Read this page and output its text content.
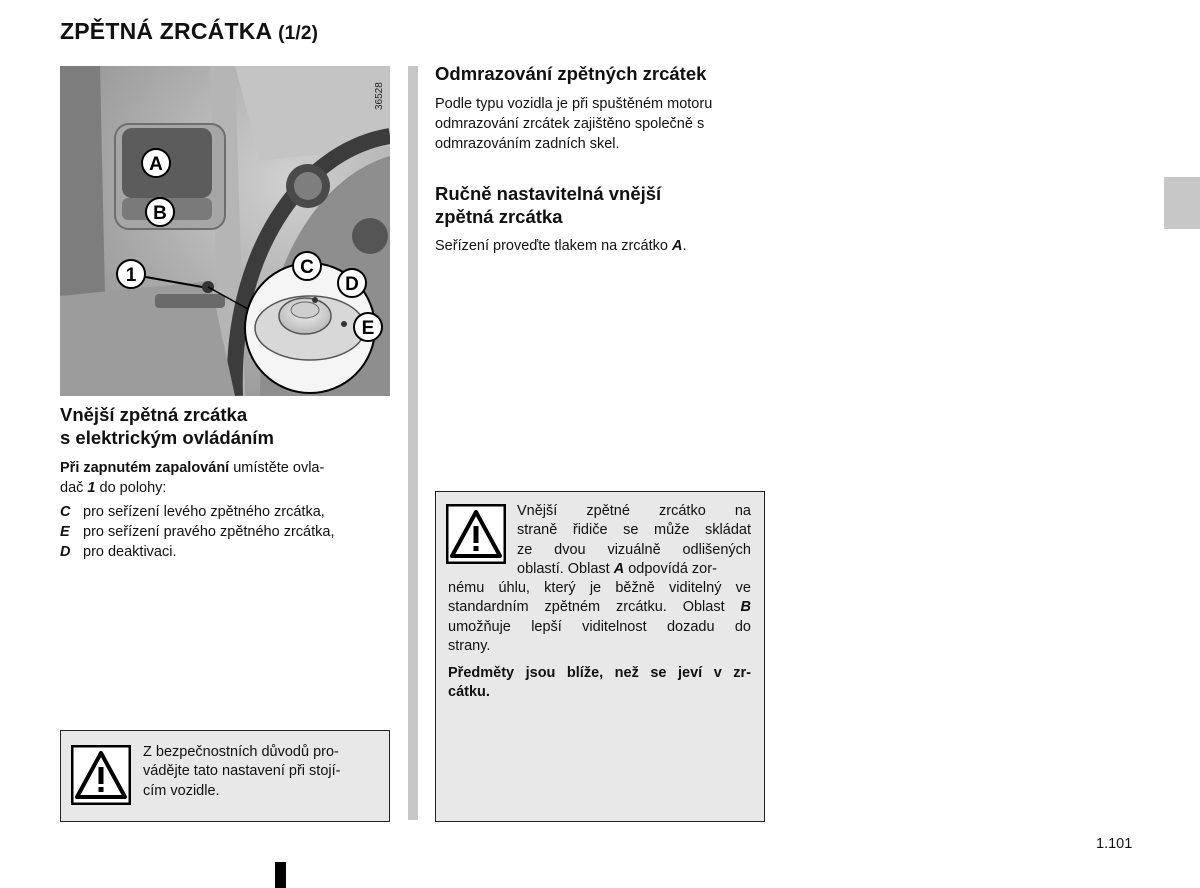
ZPĚTNÁ ZRCÁTKA (1/2)
A
B
1	C
D
E
36528
Vnější zpětná zrcátka
s elektrickým ovládáním
Při zapnutém zapalování umístěte ovla-
dač 1 do polohy:
C pro seřízení levého zpětného zrcátka,
E pro seřízení pravého zpětného zrcátka,
D pro deaktivaci.
Z bezpečnostních důvodů pro-
vádějte tato nastavení při stojí-
cím vozidle.
Odmrazování zpětných zrcátek
Podle typu vozidla je při spuštěném motoru
odmrazování zrcátek zajištěno společně s
odmrazováním zadních skel.
Ručně nastavitelná vnější
zpětná zrcátka
Seřízení proveďte tlakem na zrcátko A.
Vnější zpětné zrcátko na
straně řidiče se může skládat
ze dvou vizuálně odlišených
oblastí. Oblast A odpovídá zor-
nému úhlu, který je běžně viditelný ve
standardním zpětném zrcátku. Oblast B
umožňuje lepší viditelnost dozadu do
strany.
Předměty jsou blíže, než se jeví v zr-
cátku.
1.101
